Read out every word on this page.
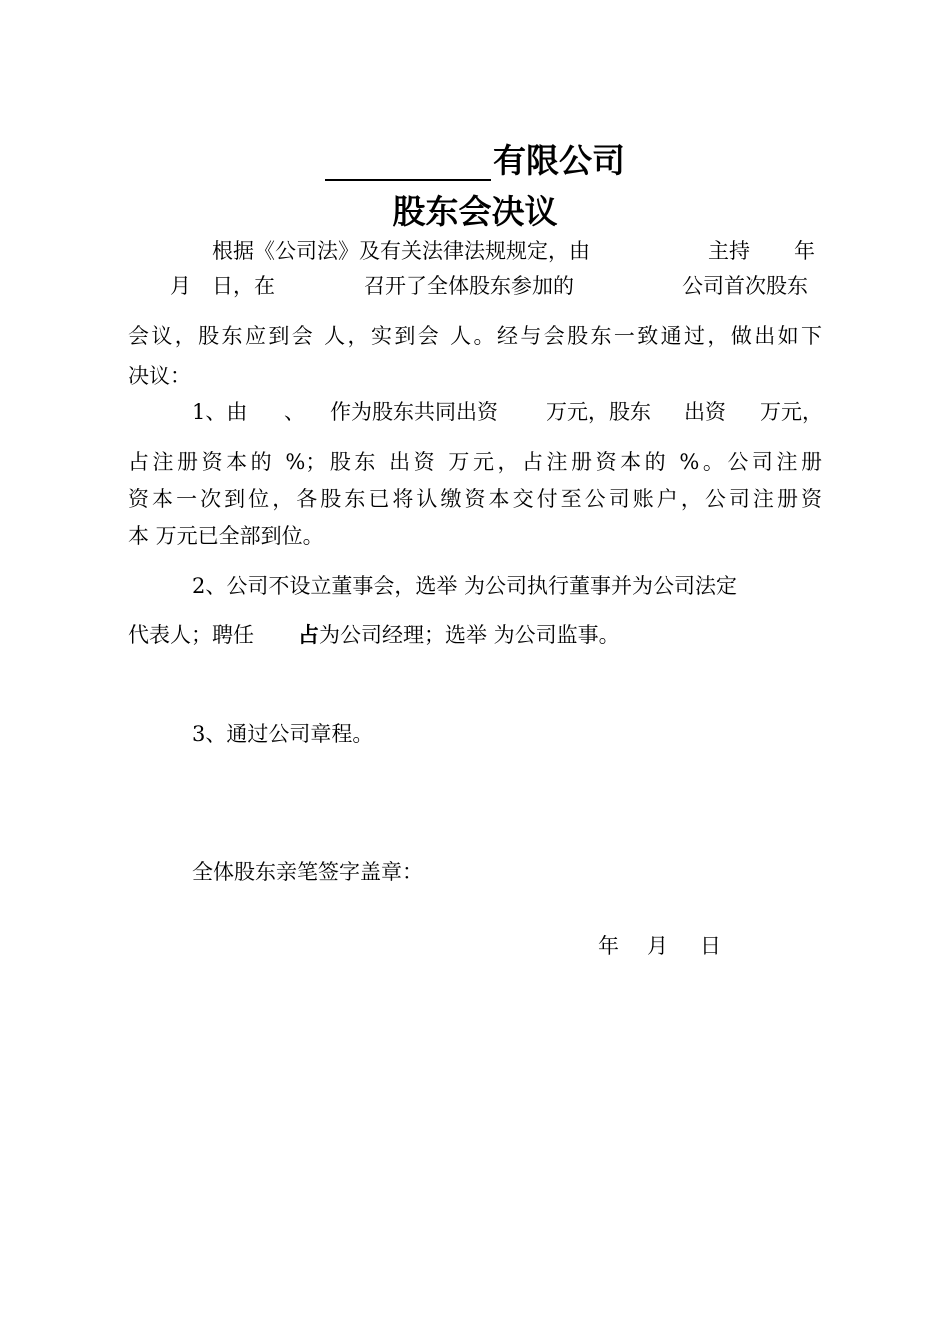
有限公司
股东会决议
根据《公司法》及有关法律法规规定，由	主持 年
月 日，在	召开了全体股东参加的	公司首次股东
会议，股东应到会 人，实到会 人。经与会股东一致通过，做出如下
决议：
1、由 、 作为股东共同出资 万元，股东 出资 万元，
占注册资本的 %；股东 出资 万元，占注册资本的 %。公司注册
资本一次到位，各股东已将认缴资本交付至公司账户，公司注册资
本 万元已全部到位。
2、公司不设立董事会，选举 为公司执行董事并为公司法定
代表人；聘任 占 为公司经理；选举 为公司监事。
3、通过公司章程。
全体股东亲笔签字盖章：
年 月 日
